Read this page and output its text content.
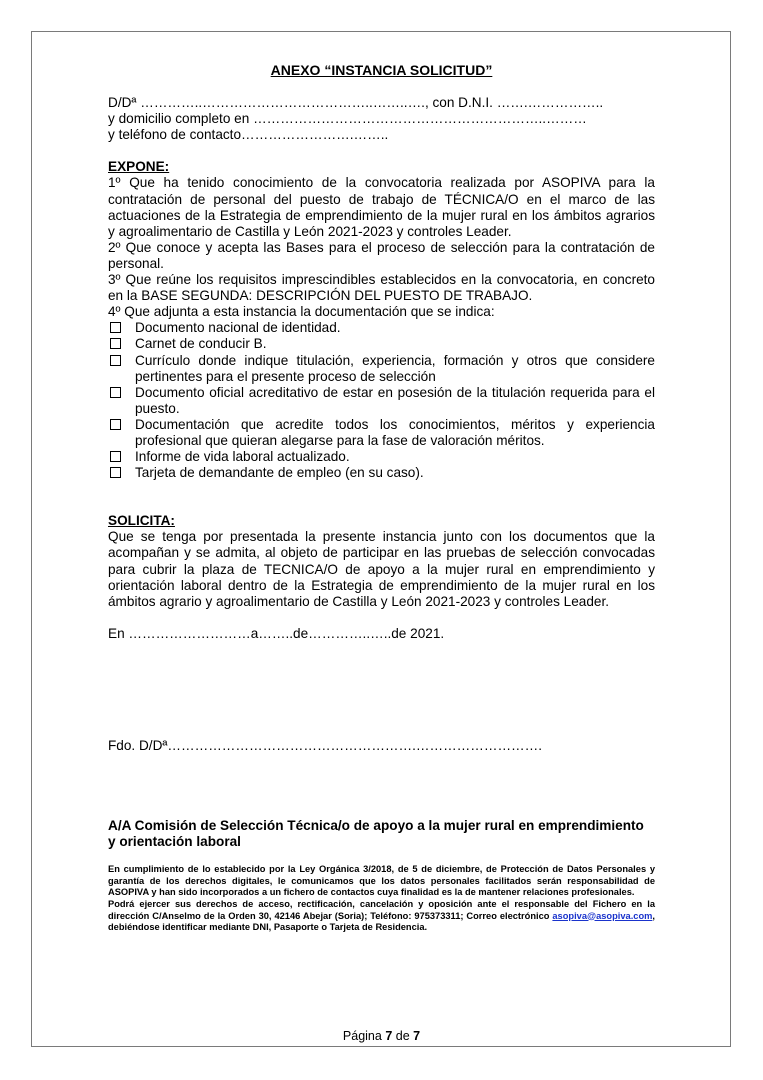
ANEXO “INSTANCIA SOLICITUD”
D/Dª …………..………………………………..……..…., con D.N.I. …….……………..
y domicilio completo en ………………………………………………………..………
y teléfono de contacto…………………….……..
EXPONE:

1º Que ha tenido conocimiento de la convocatoria realizada por ASOPIVA para la contratación de personal del puesto de trabajo de TÉCNICA/O en el marco de las actuaciones de la Estrategia de emprendimiento de la mujer rural en los ámbitos agrarios y agroalimentario de Castilla y León 2021-2023 y controles Leader.

2º Que conoce y acepta las Bases para el proceso de selección para la contratación de personal.

3º Que reúne los requisitos imprescindibles establecidos en la convocatoria, en concreto en la BASE SEGUNDA: DESCRIPCIÓN DEL PUESTO DE TRABAJO.

4º Que adjunta a esta instancia la documentación que se indica:

Documento nacional de identidad.
Carnet de conducir B.
Currículo donde indique titulación, experiencia, formación y otros que considere pertinentes para el presente proceso de selección
Documento oficial acreditativo de estar en posesión de la titulación requerida para el puesto.
Documentación que acredite todos los conocimientos, méritos y experiencia profesional que quieran alegarse para la fase de valoración méritos.
Informe de vida laboral actualizado.
Tarjeta de demandante de empleo (en su caso).
SOLICITA:

Que se tenga por presentada la presente instancia junto con los documentos que la acompañan y se admita, al objeto de participar en las pruebas de selección convocadas para cubrir la plaza de TECNICA/O de apoyo a la mujer rural en emprendimiento y orientación laboral dentro de la Estrategia de emprendimiento de la mujer rural en los ámbitos agrario y agroalimentario de Castilla y León 2021-2023 y controles Leader.

En ………………………a……..de…………..…..de 2021.
Fdo. D/Dª……………………………………………….……………………….
A/A Comisión de Selección Técnica/o de apoyo a la mujer rural en emprendimiento y orientación laboral

En cumplimiento de lo establecido por la Ley Orgánica 3/2018, de 5 de diciembre, de Protección de Datos Personales y garantía de los derechos digitales, le comunicamos que los datos personales facilitados serán responsabilidad de ASOPIVA y han sido incorporados a un fichero de contactos cuya finalidad es la de mantener relaciones profesionales.

Podrá ejercer sus derechos de acceso, rectificación, cancelación y oposición ante el responsable del Fichero en la dirección C/Anselmo de la Orden 30, 42146 Abejar (Soria); Teléfono: 975373311; Correo electrónico asopiva@asopiva.com, debiéndose identificar mediante DNI, Pasaporte o Tarjeta de Residencia.

Página 7 de 7
